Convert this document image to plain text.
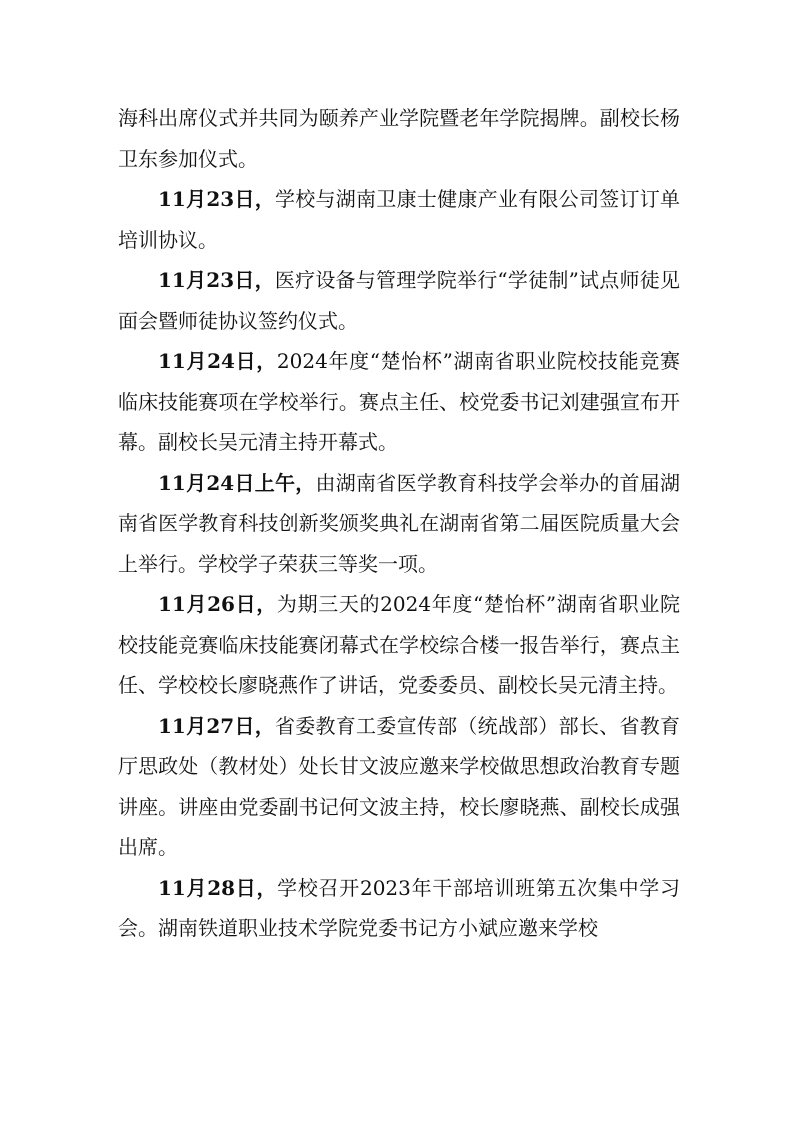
海科出席仪式并共同为颐养产业学院暨老年学院揭牌。副校长杨卫东参加仪式。

11月23日，学校与湖南卫康士健康产业有限公司签订订单培训协议。

11月23日，医疗设备与管理学院举行“学徒制”试点师徒见面会暨师徒协议签约仪式。

11月24日，2024年度“楚怡杯”湖南省职业院校技能竞赛临床技能赛项在学校举行。赛点主任、校党委书记刘建强宣布开幕。副校长吴元清主持开幕式。

11月24日上午，由湖南省医学教育科技学会举办的首届湖南省医学教育科技创新奖颁奖典礼在湖南省第二届医院质量大会上举行。学校学子荣获三等奖一项。

11月26日，为期三天的2024年度“楚怡杯”湖南省职业院校技能竞赛临床技能赛闭幕式在学校综合楼一报告举行，赛点主任、学校校长廖晓燕作了讲话，党委委员、副校长吴元清主持。

11月27日，省委教育工委宣传部（统战部）部长、省教育厅思政处（教材处）处长甘文波应邀来学校做思想政治教育专题讲座。讲座由党委副书记何文波主持，校长廖晓燕、副校长成强出席。

11月28日，学校召开2023年干部培训班第五次集中学习会。湖南铁道职业技术学院党委书记方小斌应邀来学校
